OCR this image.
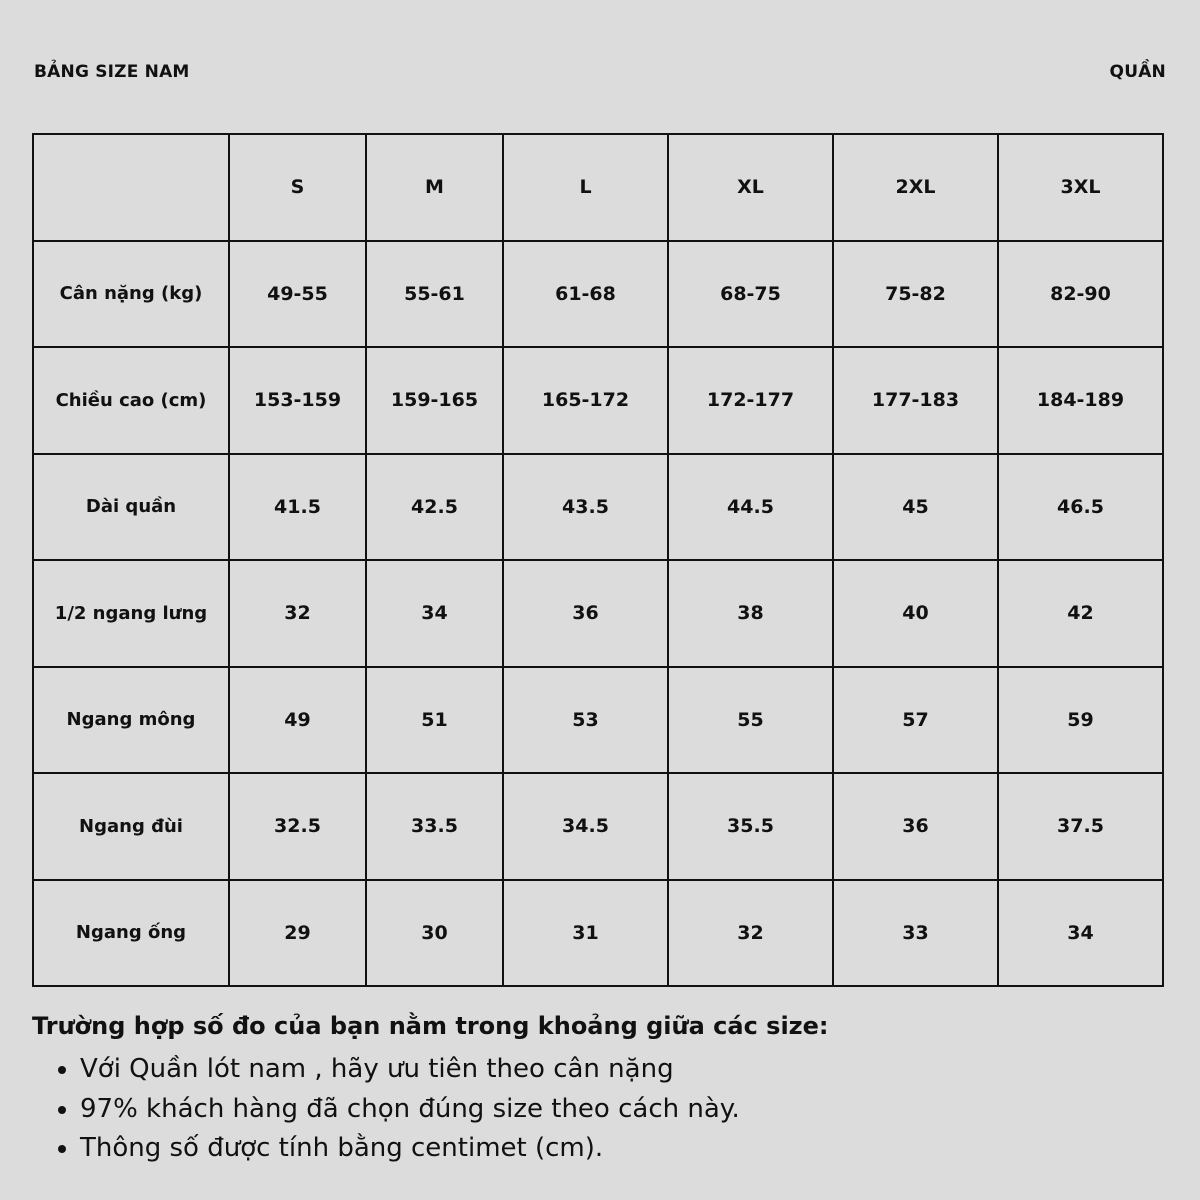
BẢNG SIZE NAM	QUẦN
	S	M	L	XL	2XL	3XL
Cân nặng (kg)	49-55	55-61	61-68	68-75	75-82	82-90
Chiều cao (cm)	153-159	159-165	165-172	172-177	177-183	184-189
Dài quần	41.5	42.5	43.5	44.5	45	46.5
1/2 ngang lưng	32	34	36	38	40	42
Ngang mông	49	51	53	55	57	59
Ngang đùi	32.5	33.5	34.5	35.5	36	37.5
Ngang ống	29	30	31	32	33	34
Trường hợp số đo của bạn nằm trong khoảng giữa các size:
• Với Quần lót nam , hãy ưu tiên theo cân nặng
• 97% khách hàng đã chọn đúng size theo cách này.
• Thông số được tính bằng centimet (cm).
